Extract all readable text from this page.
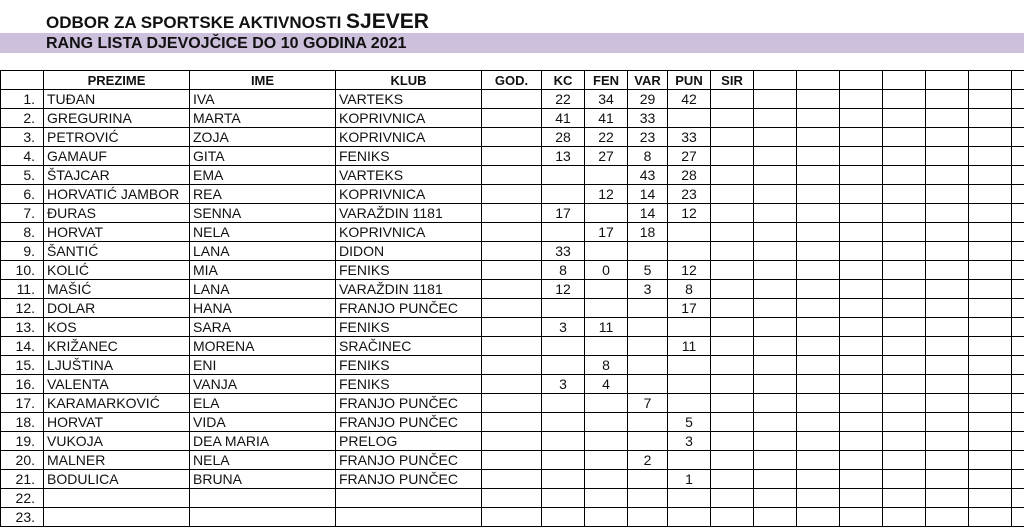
ODBOR ZA SPORTSKE AKTIVNOSTI SJEVER
RANG LISTA DJEVOJČICE DO 10 GODINA 2021
	PREZIME	IME	KLUB	GOD.	KC	FEN	VAR	PUN	SIR							
1.	TUĐAN	IVA	VARTEKS		22	34	29	42								
2.	GREGURINA	MARTA	KOPRIVNICA		41	41	33									
3.	PETROVIĆ	ZOJA	KOPRIVNICA		28	22	23	33								
4.	GAMAUF	GITA	FENIKS		13	27	8	27								
5.	ŠTAJCAR	EMA	VARTEKS				43	28								
6.	HORVATIĆ JAMBOR	REA	KOPRIVNICA			12	14	23								
7.	ĐURAS	SENNA	VARAŽDIN 1181		17		14	12								
8.	HORVAT	NELA	KOPRIVNICA			17	18									
9.	ŠANTIĆ	LANA	DIDON		33											
10.	KOLIĆ	MIA	FENIKS		8	0	5	12								
11.	MAŠIĆ	LANA	VARAŽDIN 1181		12		3	8								
12.	DOLAR	HANA	FRANJO PUNČEC					17								
13.	KOS	SARA	FENIKS		3	11										
14.	KRIŽANEC	MORENA	SRAČINEC					11								
15.	LJUŠTINA	ENI	FENIKS			8										
16.	VALENTA	VANJA	FENIKS		3	4										
17.	KARAMARKOVIĆ	ELA	FRANJO PUNČEC				7									
18.	HORVAT	VIDA	FRANJO PUNČEC					5								
19.	VUKOJA	DEA MARIA	PRELOG					3								
20.	MALNER	NELA	FRANJO PUNČEC				2									
21.	BODULICA	BRUNA	FRANJO PUNČEC					1								
22.																
23.																
